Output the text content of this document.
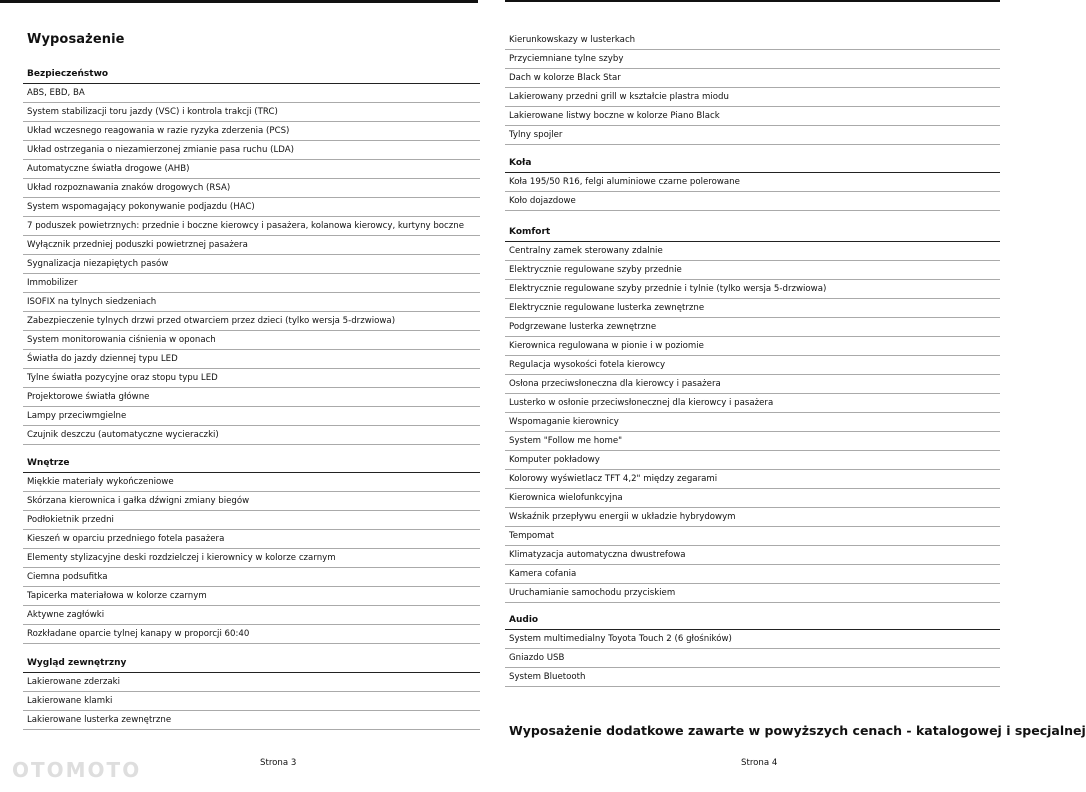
Wyposażenie
Bezpieczeństwo
ABS, EBD, BA
System stabilizacji toru jazdy (VSC) i kontrola trakcji (TRC)
Układ wczesnego reagowania w razie ryzyka zderzenia (PCS)
Układ ostrzegania o niezamierzonej zmianie pasa ruchu (LDA)
Automatyczne światła drogowe (AHB)
Układ rozpoznawania znaków drogowych (RSA)
System wspomagający pokonywanie podjazdu (HAC)
7 poduszek powietrznych: przednie i boczne kierowcy i pasażera, kolanowa kierowcy, kurtyny boczne
Wyłącznik przedniej poduszki powietrznej pasażera
Sygnalizacja niezapiętych pasów
Immobilizer
ISOFIX na tylnych siedzeniach
Zabezpieczenie tylnych drzwi przed otwarciem przez dzieci (tylko wersja 5-drzwiowa)
System monitorowania ciśnienia w oponach
Światła do jazdy dziennej typu LED
Tylne światła pozycyjne oraz stopu typu LED
Projektorowe światła główne
Lampy przeciwmgielne
Czujnik deszczu (automatyczne wycieraczki)
Wnętrze
Miękkie materiały wykończeniowe
Skórzana kierownica i gałka dźwigni zmiany biegów
Podłokietnik przedni
Kieszeń w oparciu przedniego fotela pasażera
Elementy stylizacyjne deski rozdzielczej i kierownicy w kolorze czarnym
Ciemna podsufitka
Tapicerka materiałowa w kolorze czarnym
Aktywne zagłówki
Rozkładane oparcie tylnej kanapy w proporcji 60:40
Wygląd zewnętrzny
Lakierowane zderzaki
Lakierowane klamki
Lakierowane lusterka zewnętrzne
Strona 3
Kierunkowskazy w lusterkach
Przyciemniane tylne szyby
Dach w kolorze Black Star
Lakierowany przedni grill w kształcie plastra miodu
Lakierowane listwy boczne w kolorze Piano Black
Tylny spojler
Koła
Koła 195/50 R16, felgi aluminiowe czarne polerowane
Koło dojazdowe
Komfort
Centralny zamek sterowany zdalnie
Elektrycznie regulowane szyby przednie
Elektrycznie regulowane szyby przednie i tylnie (tylko wersja 5-drzwiowa)
Elektrycznie regulowane lusterka zewnętrzne
Podgrzewane lusterka zewnętrzne
Kierownica regulowana w pionie i w poziomie
Regulacja wysokości fotela kierowcy
Osłona przeciwsłoneczna dla kierowcy i pasażera
Lusterko w osłonie przeciwsłonecznej dla kierowcy i pasażera
Wspomaganie kierownicy
System "Follow me home"
Komputer pokładowy
Kolorowy wyświetlacz TFT 4,2" między zegarami
Kierownica wielofunkcyjna
Wskaźnik przepływu energii w układzie hybrydowym
Tempomat
Klimatyzacja automatyczna dwustrefowa
Kamera cofania
Uruchamianie samochodu przyciskiem
Audio
System multimedialny Toyota Touch 2 (6 głośników)
Gniazdo USB
System Bluetooth
Wyposażenie dodatkowe zawarte w powyższych cenach - katalogowej i specjalnej
Strona 4
OTOMOTO
